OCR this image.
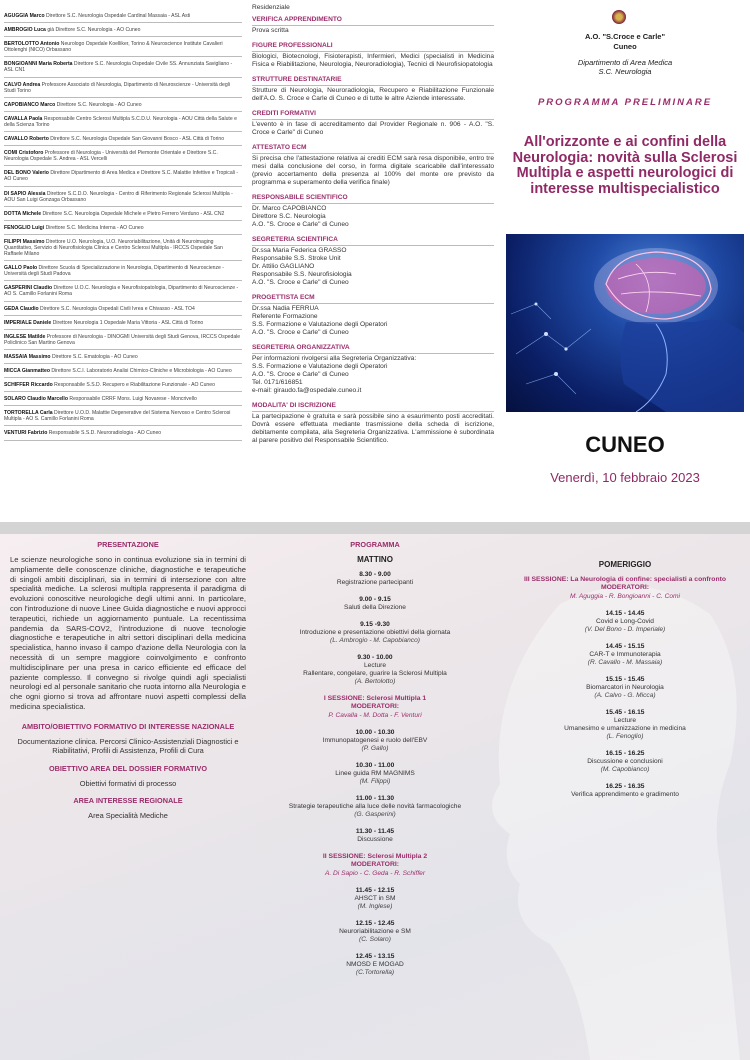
AGUGGIA Marco Direttore S.C. Neurologia Ospedale Cardinal Massaia - ASL Asti
AMBROGIO Luca già Direttore S.C. Neurologia - AO Cuneo
BERTOLOTTO Antonio Neurologo Ospedale Koelliker, Torino & Neuroscience Institute Cavalieri Ottolenghi (NICO) Orbassano
BONGIOANNI Maria Roberta Direttore S.C. Neurologia Ospedale Civile SS. Annunziata Savigliano - ASL CN1
CALVO Andrea Professore Associato di Neurologia, Dipartimento di Neuroscienze - Università degli Studi Torino
CAPOBIANCO Marco Direttore S.C. Neurologia - AO Cuneo
CAVALLA Paola Responsabile Centro Sclerosi Multipla S.C.D.U. Neurologia - AOU Città della Salute e della Scienza Torino
CAVALLO Roberto Direttore S.C. Neurologia Ospedale San Giovanni Bosco - ASL Città di Torino
COMI Cristoforo Professore di Neurologia - Università del Piemonte Orientale e Direttore S.C. Neurologia Ospedale S. Andrea - ASL Vercelli
DEL BONO Valerio Direttore Dipartimento di Area Medica e Direttore S.C. Malattie Infettive e Tropicali - AO Cuneo
DI SAPIO Alessia Direttore S.C.D.O. Neurologia - Centro di Riferimento Regionale Sclerosi Multipla - AOU San Luigi Gonzaga Orbassano
DOTTA Michele Direttore S.C. Neurologia Ospedale Michele e Pietro Ferrero Verduno - ASL CN2
FENOGLIO Luigi Direttore S.C. Medicina Interna - AO Cuneo
FILIPPI Massimo Direttore U.O. Neurologia, U.O. Neuroriabilitazione, Unità di Neuroimaging Quantitativo, Servizio di Neurofisiologia Clinica e Centro Sclerosi Multipla - IRCCS Ospedale San Raffaele Milano
GALLO Paolo Direttore Scuola di Specializzazione in Neurologia, Dipartimento di Neuroscienze - Università degli Studi Padova
GASPERINI Claudio Direttore U.O.C. Neurologia e Neurofisiopatologia, Dipartimento di Neuroscienze - AO S. Camillo Forlanini Roma
GEDA Claudio Direttore S.C. Neurologia Ospedali Civili Ivrea e Chivasso - ASL TO4
IMPERIALE Daniele Direttore Neurologia 1 Ospedale Maria Vittoria - ASL Città di Torino
INGLESE Matilde Professore di Neurologia - DINOGMI Università degli Studi Genova, IRCCS Ospedale Policlinico San Martino Genova
MASSAIA Massimo Direttore S.C. Ematologia - AO Cuneo
MICCA Gianmatteo Direttore S.C.I. Laboratorio Analisi Chimico-Cliniche e Microbiologia - AO Cuneo
SCHIFFER Riccardo Responsabile S.S.D. Recupero e Riabilitazione Funzionale - AO Cuneo
SOLARO Claudio Marcello Responsabile CRRF Mons. Luigi Novarese - Moncrivello
TORTORELLA Carla Direttore U.O.D. Malattie Degenerative del Sistema Nervoso e Centro Sclerosi Multipla - AO S. Camillo Forlanini Roma
VENTURI Fabrizio Responsabile S.S.D. Neuroradiologia - AO Cuneo

Residenziale

VERIFICA APPRENDIMENTO

Prova scritta

FIGURE PROFESSIONALI

Biologici, Biotecnologi, Fisioterapisti, Infermieri, Medici (specialisti in Medicina Fisica e Riabilitazione, Neurologia, Neuroradiologia), Tecnici di Neurofisiopatologia

STRUTTURE DESTINATARIE

Strutture di Neurologia, Neuroradiologia, Recupero e Riabilitazione Funzionale dell'A.O. S. Croce e Carle di Cuneo e di tutte le altre Aziende interessate.

CREDITI FORMATIVI

L'evento è in fase di accreditamento dal Provider Regionale n. 906 - A.O. "S. Croce e Carle" di Cuneo

ATTESTATO ECM

Si precisa che l'attestazione relativa ai crediti ECM sarà resa disponibile, entro tre mesi dalla conclusione del corso, in forma digitale scaricabile dall'interessato (previo accertamento della presenza al 100% del monte ore previsto da programma e superamento della verifica finale)

RESPONSABILE SCIENTIFICO

Dr. Marco CAPOBIANCO
Direttore S.C. Neurologia
A.O. "S. Croce e Carle" di Cuneo

SEGRETERIA SCIENTIFICA

Dr.ssa Maria Federica GRASSO
Responsabile S.S. Stroke Unit
Dr. Attilio GAGLIANO
Responsabile S.S. Neurofisiologia
A.O. "S. Croce e Carle" di Cuneo

PROGETTISTA ECM

Dr.ssa Nadia FERRUA
Referente Formazione
S.S. Formazione e Valutazione degli Operatori
A.O. "S. Croce e Carle" di Cuneo

SEGRETERIA ORGANIZZATIVA

Per informazioni rivolgersi alla Segreteria Organizzativa:
S.S. Formazione e Valutazione degli Operatori
A.O. "S. Croce e Carle" di Cuneo
Tel. 0171/616851
e-mail: giraudo.fa@ospedale.cuneo.it

MODALITA' DI ISCRIZIONE

La partecipazione è gratuita e sarà possibile sino a esaurimento posti accreditati. Dovrà essere effettuata mediante trasmissione della scheda di iscrizione, debitamente compilata, alla Segreteria Organizzativa. L'ammissione è subordinata al parere positivo del Responsabile Scientifico.

A.O. "S.Croce e Carle"
Cuneo
Dipartimento di Area Medica
S.C. Neurologia
PROGRAMMA PRELIMINARE
All'orizzonte e ai confini della Neurologia: novità sulla Sclerosi Multipla e aspetti neurologici di interesse multispecialistico
CUNEO
Venerdì, 10 febbraio 2023
PRESENTAZIONE

Le scienze neurologiche sono in continua evoluzione sia in termini di ampliamente delle conoscenze cliniche, diagnostiche e terapeutiche di singoli ambiti disciplinari, sia in termini di intersezione con altre specialità mediche. La sclerosi multipla rappresenta il paradigma di evoluzioni conoscitive neurologiche degli ultimi anni. In particolare, con l'introduzione di nuove Linee Guida diagnostiche e nuovi approcci terapeutici, richiede un aggiornamento puntuale. La recentissima pandemia da SARS-COV2, l'introduzione di nuove tecnologie diagnostiche e terapeutiche in altri settori disciplinari della medicina specialistica, hanno invaso il campo d'azione della Neurologia con la necessità di un sempre maggiore coinvolgimento e confronto multidisciplinare per una presa in carico efficiente ed efficace del paziente complesso. Il convegno si rivolge quindi agli specialisti neurologi ed al personale sanitario che ruota intorno alla Neurologia e che ogni giorno si trova ad affrontare nuovi aspetti complessi della medicina specialistica.

AMBITO/OBIETTIVO FORMATIVO DI INTERESSE NAZIONALE

Documentazione clinica. Percorsi Clinico-Assistenziali Diagnostici e Riabilitativi, Profili di Assistenza, Profili di Cura

OBIETTIVO AREA DEL DOSSIER FORMATIVO

Obiettivi formativi di processo

AREA INTERESSE REGIONALE

Area Specialità Mediche

PROGRAMMA
MATTINO
8.30 - 9.00
Registrazione partecipanti
9.00 - 9.15
Saluti della Direzione
9.15 -9.30
Introduzione e presentazione obiettivi della giornata
(L. Ambrogio - M. Capobianco)
9.30 - 10.00
Lecture
Rallentare, congelare, guarire la Sclerosi Multipla
(A. Bertolotto)
I SESSIONE: Sclerosi Multipla 1
MODERATORI:
P. Cavalla - M. Dotta - F. Venturi
10.00 - 10.30
Immunopatogenesi e ruolo dell'EBV
(P. Gallo)
10.30 - 11.00
Linee guida RM MAGNIMS
(M. Filippi)
11.00 - 11.30
Strategie terapeutiche alla luce delle novità farmacologiche
(G. Gasperini)
11.30 - 11.45
Discussione
II SESSIONE: Sclerosi Multipla 2
MODERATORI:
A. Di Sapio - C. Geda - R. Schiffer
11.45 - 12.15
AHSCT in SM
(M. Inglese)
12.15 - 12.45
Neuroriabilitazione e SM
(C. Solaro)
12.45 - 13.15
NMOSD E MOGAD
(C.Tortorella)
POMERIGGIO
III SESSIONE: La Neurologia di confine: specialisti a confronto
MODERATORI:
M. Aguggia - R. Bongioanni - C. Comi
14.15 - 14.45
Covid e Long-Covid
(V. Del Bono - D. Imperiale)
14.45 - 15.15
CAR-T e Immunoterapia
(R. Cavallo - M. Massaia)
15.15 - 15.45
Biomarcatori in Neurologia
(A. Calvo - G. Micca)
15.45 - 16.15
Lecture
Umanesimo e umanizzazione in medicina
(L. Fenoglio)
16.15 - 16.25
Discussione e conclusioni
(M. Capobianco)
16.25 - 16.35
Verifica apprendimento e gradimento
